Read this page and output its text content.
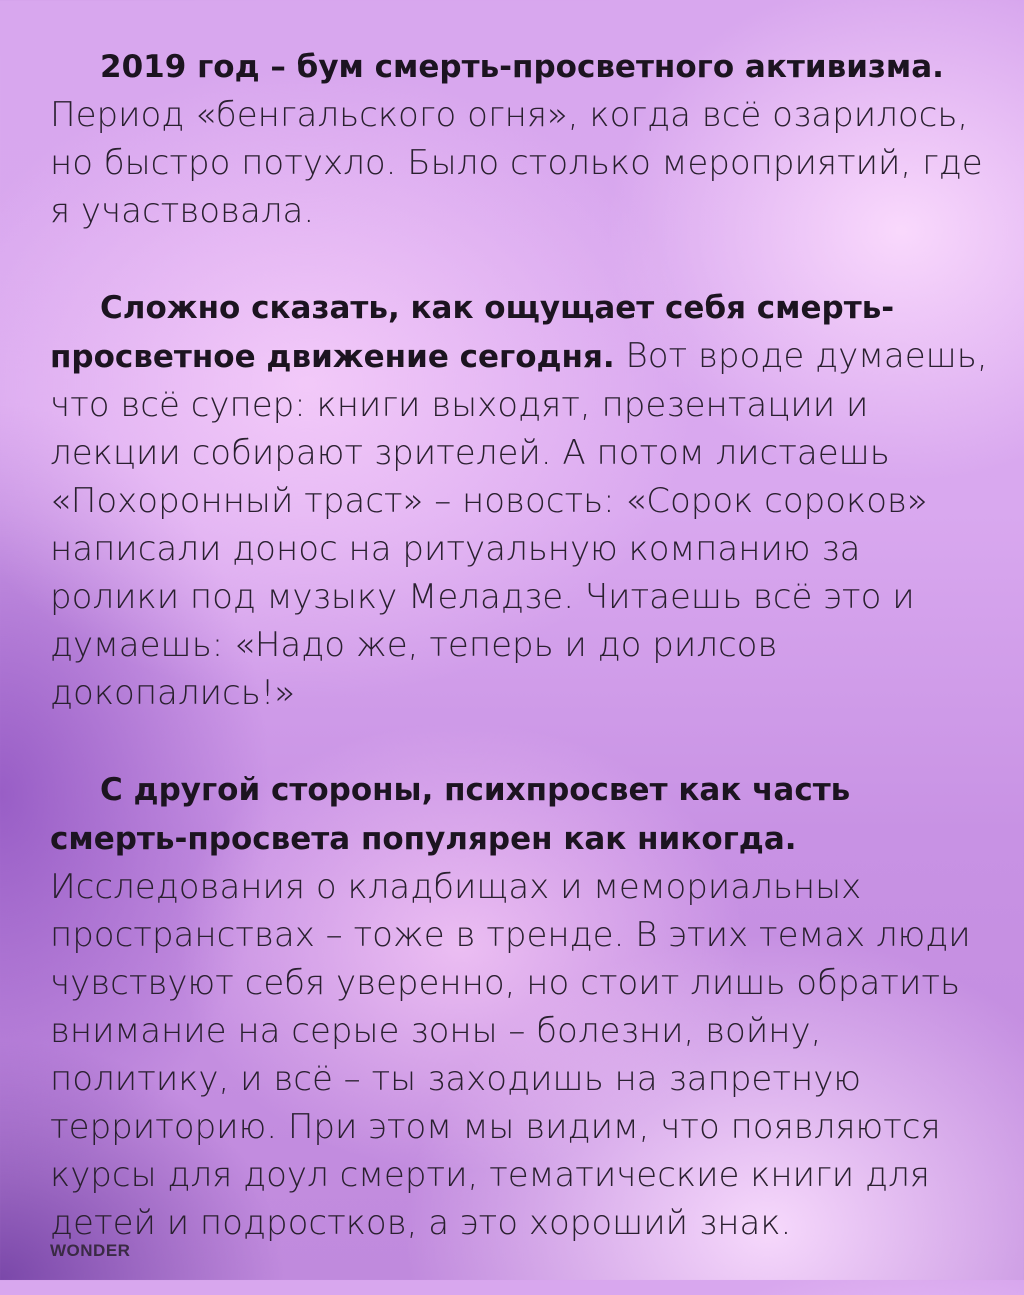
2019 год – бум смерть-просветного активизма. Период «бенгальского огня», когда всё озарилось, но быстро потухло. Было столько мероприятий, где я участвовала.

Сложно сказать, как ощущает себя смерть-просветное движение сегодня. Вот вроде думаешь, что всё супер: книги выходят, презентации и лекции собирают зрителей. А потом листаешь «Похоронный траст» – новость: «Сорок сороков» написали донос на ритуальную компанию за ролики под музыку Меладзе. Читаешь всё это и думаешь: «Надо же, теперь и до рилсов докопались!»

С другой стороны, психпросвет как часть смерть-просвета популярен как никогда. Исследования о кладбищах и мемориальных пространствах – тоже в тренде. В этих темах люди чувствуют себя уверенно, но стоит лишь обратить внимание на серые зоны – болезни, войну, политику, и всё – ты заходишь на запретную территорию. При этом мы видим, что появляются курсы для доул смерти, тематические книги для детей и подростков, а это хороший знак.

WONDER
